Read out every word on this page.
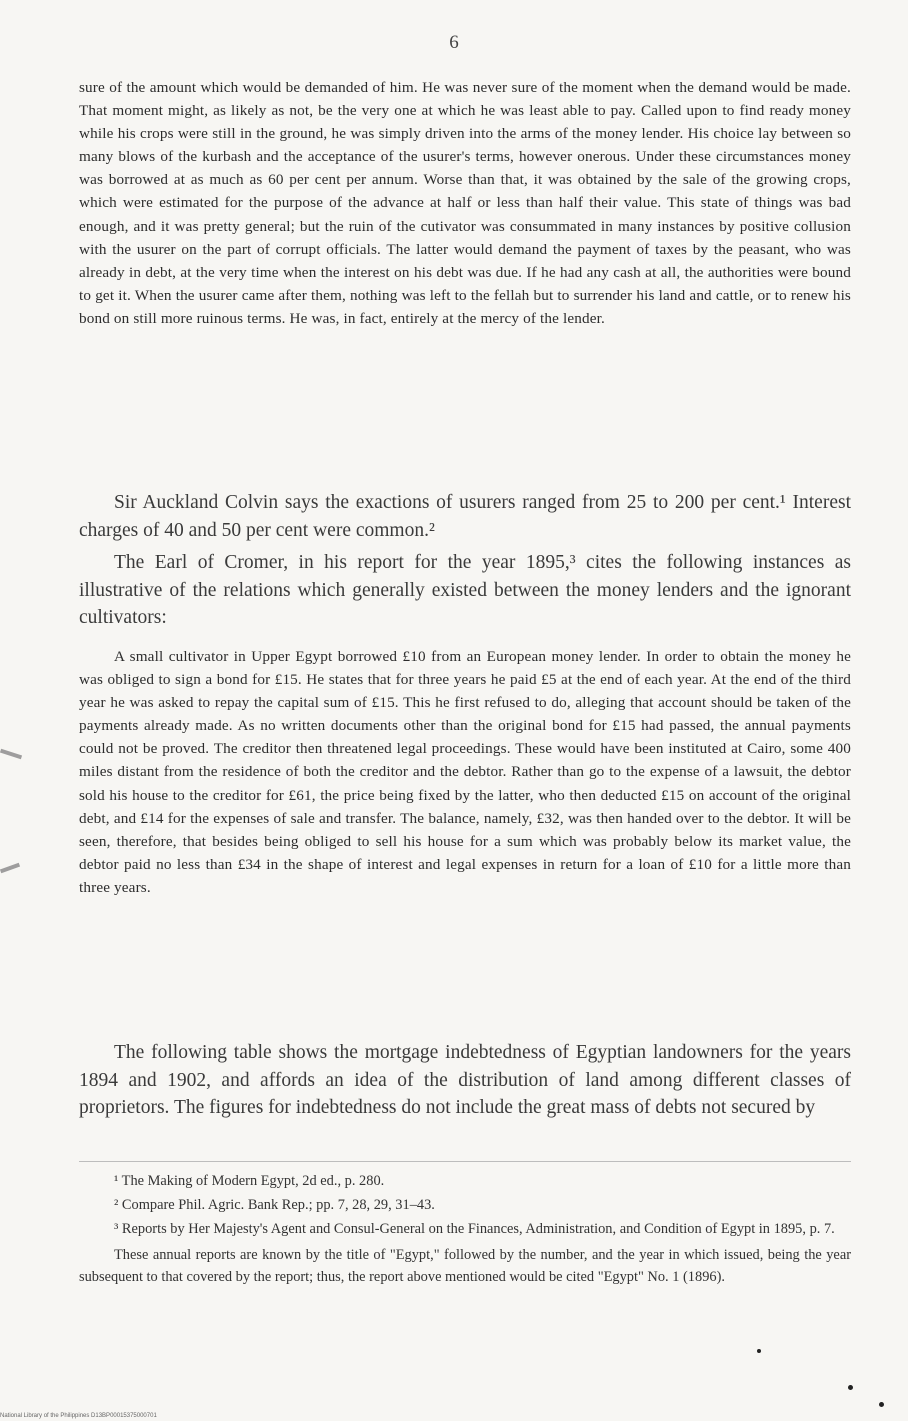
6

sure of the amount which would be demanded of him. He was never sure of the moment when the demand would be made. That moment might, as likely as not, be the very one at which he was least able to pay. Called upon to find ready money while his crops were still in the ground, he was simply driven into the arms of the money lender. His choice lay between so many blows of the kurbash and the acceptance of the usurer's terms, however onerous. Under these circumstances money was borrowed at as much as 60 per cent per annum. Worse than that, it was obtained by the sale of the growing crops, which were estimated for the purpose of the advance at half or less than half their value. This state of things was bad enough, and it was pretty general; but the ruin of the cutivator was consummated in many instances by positive collusion with the usurer on the part of corrupt officials. The latter would demand the payment of taxes by the peasant, who was already in debt, at the very time when the interest on his debt was due. If he had any cash at all, the authorities were bound to get it. When the usurer came after them, nothing was left to the fellah but to surrender his land and cattle, or to renew his bond on still more ruinous terms. He was, in fact, entirely at the mercy of the lender.

Sir Auckland Colvin says the exactions of usurers ranged from 25 to 200 per cent.¹ Interest charges of 40 and 50 per cent were common.²

The Earl of Cromer, in his report for the year 1895,³ cites the following instances as illustrative of the relations which generally existed between the money lenders and the ignorant cultivators:

A small cultivator in Upper Egypt borrowed £10 from an European money lender. In order to obtain the money he was obliged to sign a bond for £15. He states that for three years he paid £5 at the end of each year. At the end of the third year he was asked to repay the capital sum of £15. This he first refused to do, alleging that account should be taken of the payments already made. As no written documents other than the original bond for £15 had passed, the annual payments could not be proved. The creditor then threatened legal proceedings. These would have been instituted at Cairo, some 400 miles distant from the residence of both the creditor and the debtor. Rather than go to the expense of a lawsuit, the debtor sold his house to the creditor for £61, the price being fixed by the latter, who then deducted £15 on account of the original debt, and £14 for the expenses of sale and transfer. The balance, namely, £32, was then handed over to the debtor. It will be seen, therefore, that besides being obliged to sell his house for a sum which was probably below its market value, the debtor paid no less than £34 in the shape of interest and legal expenses in return for a loan of £10 for a little more than three years.

The following table shows the mortgage indebtedness of Egyptian landowners for the years 1894 and 1902, and affords an idea of the distribution of land among different classes of proprietors. The figures for indebtedness do not include the great mass of debts not secured by

¹ The Making of Modern Egypt, 2d ed., p. 280.

² Compare Phil. Agric. Bank Rep.; pp. 7, 28, 29, 31–43.

³ Reports by Her Majesty's Agent and Consul-General on the Finances, Administration, and Condition of Egypt in 1895, p. 7.

These annual reports are known by the title of "Egypt," followed by the number, and the year in which issued, being the year subsequent to that covered by the report; thus, the report above mentioned would be cited "Egypt" No. 1 (1896).

National Library of the Philippines D13BP00015375000701
